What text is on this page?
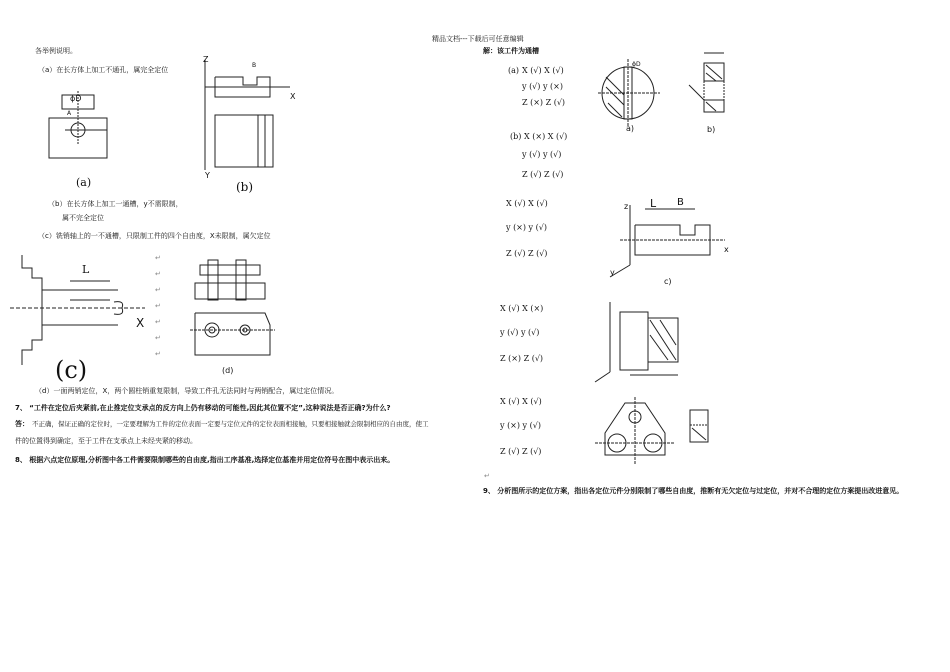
精品文档---下载后可任意编辑
各举例说明。
（a）在长方体上加工不通孔，属完全定位
ϕD
A
(a)
Z
B
X
Y
(b)
（b）在长方体上加工一通槽，y不需限制，
属不完全定位
（c）铣销轴上的一不通槽，只限制工件的四个自由度，X未限制，属欠定位
L
X
(c)
↵
↵
↵
↵
↵
↵
↵
(d)
（d）一面两销定位，X，两个圆柱销重复限制，导致工件孔无法同时与两销配合，属过定位情况。
7、 “工件在定位后夹紧前,在止推定位支承点的反方向上仍有移动的可能性,因此其位置不定”,这种说法是否正确?为什么?
答： 不正确，保证正确的定位时，一定要理解为工件的定位表面一定要与定位元件的定位表面相接触，只要相接触就会限制相应的自由度，使工
件的位置得到确定，至于工件在支承点上未经夹紧的移动。
8、 根据六点定位原理,分析图中各工件需要限制哪些的自由度,指出工序基准,选择定位基准并用定位符号在图中表示出来。
解：该工件为通槽
(a) X (√) X (√)
y (√) y (×)
Z (×) Z (√)
(b) X (×) X (√)
y (√) y (√)
Z (√) Z (√)
X (√) X (√)
y (×) y (√)
Z (√) Z (√)
X (√) X (×)
y (√) y (√)
Z (×) Z (√)
X (√) X (√)
y (×) y (√)
Z (√) Z (√)
ϕD
a)	b)
z L B
x
y
c)
↵
9、 分析图所示的定位方案，指出各定位元件分别限制了哪些自由度，推断有无欠定位与过定位，并对不合理的定位方案提出改进意见。
